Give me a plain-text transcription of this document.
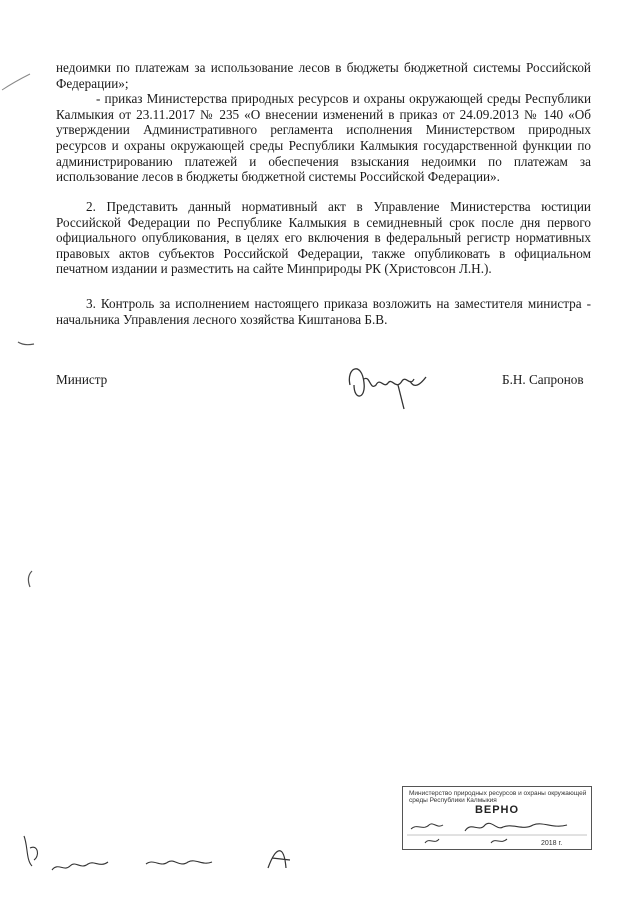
недоимки по платежам за использование лесов в бюджеты бюджетной системы Российской Федерации»;

- приказ Министерства природных ресурсов и охраны окружающей среды Республики Калмыкия от 23.11.2017 № 235 «О внесении изменений в приказ от 24.09.2013 № 140 «Об утверждении Административного регламента исполнения Министерством природных ресурсов и охраны окружающей среды Республики Калмыкия государственной функции по администрированию платежей и обеспечения взыскания недоимки по платежам за использование лесов в бюджеты бюджетной системы Российской Федерации».

2. Представить данный нормативный акт в Управление Министерства юстиции Российской Федерации по Республике Калмыкия в семидневный срок после дня первого официального опубликования, в целях его включения в федеральный регистр нормативных правовых актов субъектов Российской Федерации, также опубликовать в официальном печатном издании и разместить на сайте Минприроды РК (Христовсон Л.Н.).

3. Контроль за исполнением настоящего приказа возложить на заместителя министра - начальника Управления лесного хозяйства Киштанова Б.В.

Министр	Б.Н. Сапронов
Министерство природных ресурсов и охраны окружающей среды Республики Калмыкия
ВЕРНО
2018 г.
